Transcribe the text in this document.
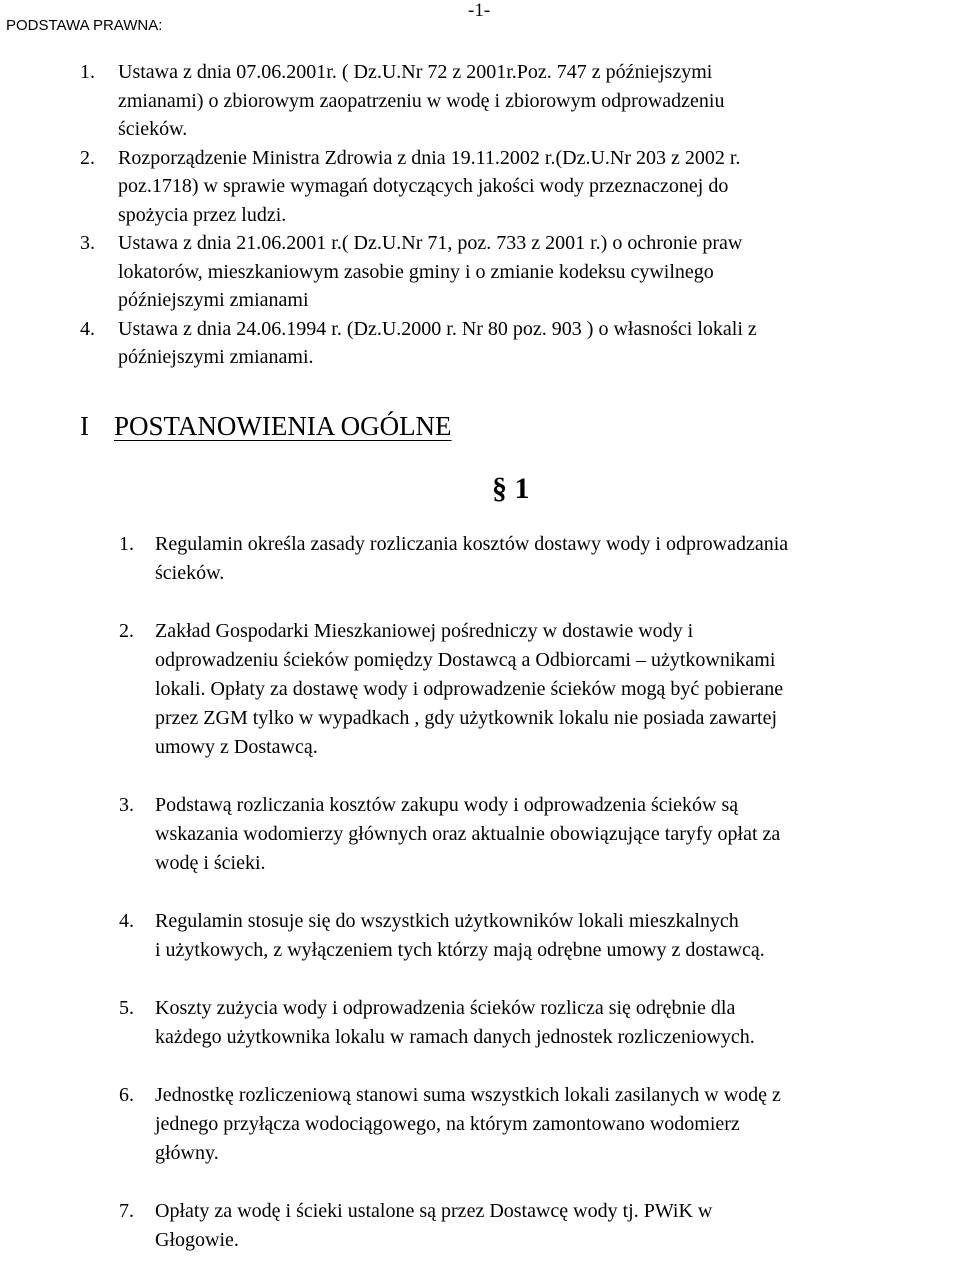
PODSTAWA PRAWNA:
-1-
1. Ustawa z dnia 07.06.2001r. ( Dz.U.Nr 72 z 2001r.Poz. 747 z późniejszymi
zmianami) o zbiorowym zaopatrzeniu w wodę i zbiorowym odprowadzeniu
ścieków.
2. Rozporządzenie Ministra Zdrowia z dnia 19.11.2002 r.(Dz.U.Nr 203 z 2002 r.
poz.1718) w sprawie wymagań dotyczących jakości wody przeznaczonej do
spożycia przez ludzi.
3. Ustawa z dnia 21.06.2001 r.( Dz.U.Nr 71, poz. 733 z 2001 r.) o ochronie praw
lokatorów, mieszkaniowym zasobie gminy i o zmianie kodeksu cywilnego
późniejszymi zmianami
4. Ustawa z dnia 24.06.1994 r. (Dz.U.2000 r. Nr 80 poz. 903 ) o własności lokali z
późniejszymi zmianami.
I POSTANOWIENIA OGÓLNE
§ 1
1. Regulamin określa zasady rozliczania kosztów dostawy wody i odprowadzania
ścieków.
2. Zakład Gospodarki Mieszkaniowej pośredniczy w dostawie wody i
odprowadzeniu ścieków pomiędzy Dostawcą a Odbiorcami – użytkownikami
lokali. Opłaty za dostawę wody i odprowadzenie ścieków mogą być pobierane
przez ZGM tylko w wypadkach , gdy użytkownik lokalu nie posiada zawartej
umowy z Dostawcą.
3. Podstawą rozliczania kosztów zakupu wody i odprowadzenia ścieków są
wskazania wodomierzy głównych oraz aktualnie obowiązujące taryfy opłat za
wodę i ścieki.
4. Regulamin stosuje się do wszystkich użytkowników lokali mieszkalnych
i użytkowych, z wyłączeniem tych którzy mają odrębne umowy z dostawcą.
5. Koszty zużycia wody i odprowadzenia ścieków rozlicza się odrębnie dla
każdego użytkownika lokalu w ramach danych jednostek rozliczeniowych.
6. Jednostkę rozliczeniową stanowi suma wszystkich lokali zasilanych w wodę z
jednego przyłącza wodociągowego, na którym zamontowano wodomierz
główny.
7. Opłaty za wodę i ścieki ustalone są przez Dostawcę wody tj. PWiK w
Głogowie.
